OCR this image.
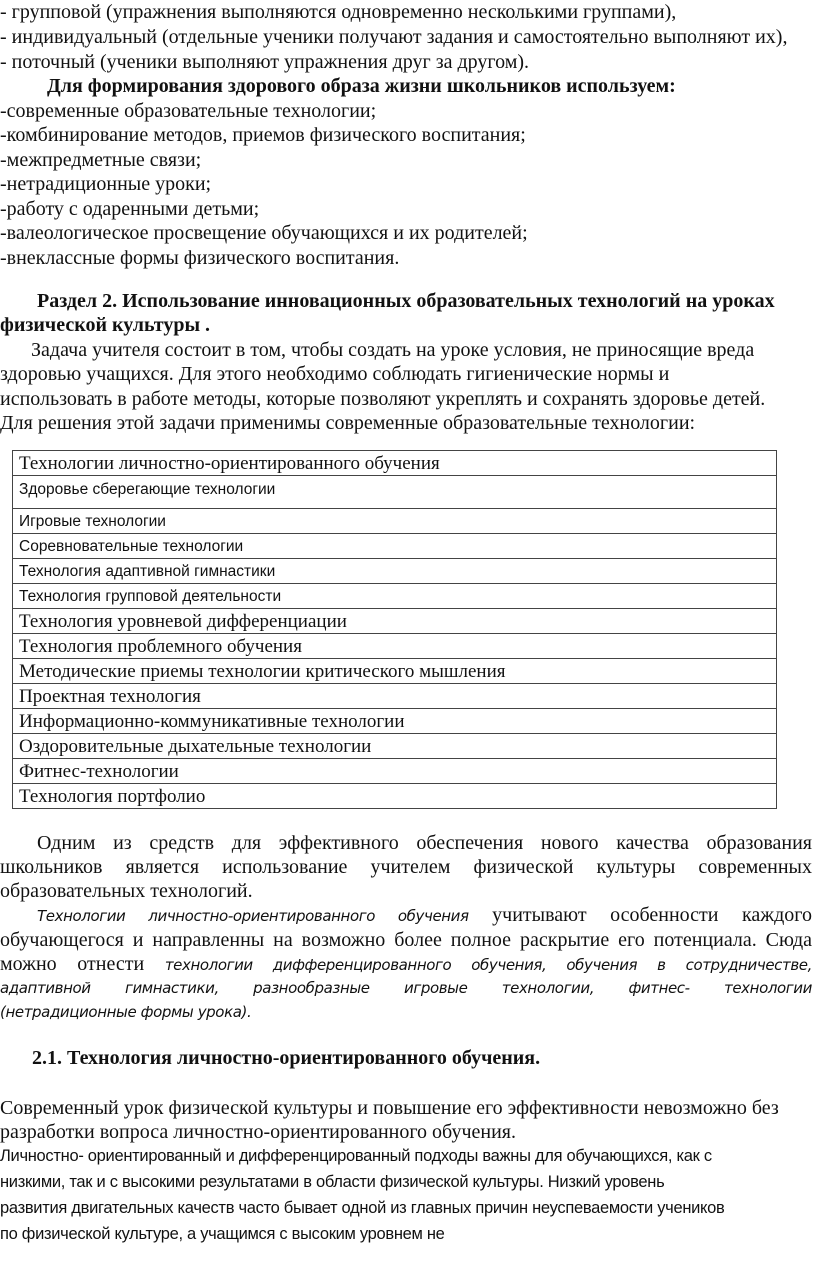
- групповой (упражнения выполняются одновременно несколькими группами),
- индивидуальный (отдельные ученики получают задания и самостоятельно выполняют их),
- поточный (ученики выполняют упражнения друг за другом).
Для формирования здорового образа жизни школьников используем:
-современные образовательные технологии;
-комбинирование методов, приемов физического воспитания;
-межпредметные связи;
-нетрадиционные уроки;
-работу с одаренными детьми;
-валеологическое просвещение обучающихся и их родителей;
-внеклассные формы физического воспитания.
Раздел 2. Использование инновационных образовательных технологий на уроках
физической культуры .
Задача учителя состоит в том, чтобы создать на уроке условия, не приносящие вреда
здоровью учащихся. Для этого необходимо соблюдать гигиенические нормы и
использовать в работе методы, которые позволяют укреплять и сохранять здоровье детей.
Для решения этой задачи применимы современные образовательные технологии:
Технологии личностно-ориентированного обучения
Здоровье сберегающие технологии
Игровые технологии
Соревновательные технологии
Технология адаптивной гимнастики
Технология групповой деятельности
Технология уровневой дифференциации
Технология проблемного обучения
Методические приемы технологии критического мышления
Проектная технология
Информационно-коммуникативные технологии
Оздоровительные дыхательные технологии
Фитнес-технологии
Технология портфолио
Одним из средств для эффективного обеспечения нового качества образования
школьников является использование учителем физической культуры современных
образовательных технологий.
Технологии личностно-ориентированного обучения учитывают особенности каждого
обучающегося и направленны на возможно более полное раскрытие его потенциала. Сюда
можно отнести технологии дифференцированного обучения, обучения в сотрудничестве,
адаптивной гимнастики, разнообразные игровые технологии, фитнес- технологии
(нетрадиционные формы урока).
2.1. Технология личностно-ориентированного обучения.
Современный урок физической культуры и повышение его эффективности невозможно без
разработки вопроса личностно-ориентированного обучения.
Личностно- ориентированный и дифференцированный подходы важны для обучающихся, как с
низкими, так и с высокими результатами в области физической культуры. Низкий уровень
развития двигательных качеств часто бывает одной из главных причин неуспеваемости учеников
по физической культуре, а учащимся с высоким уровнем не
